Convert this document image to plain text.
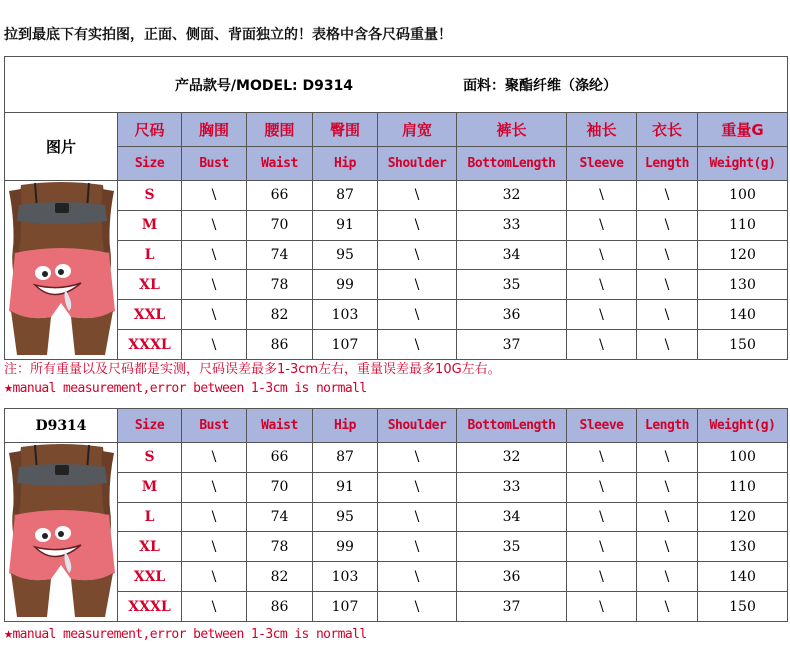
拉到最底下有实拍图，正面、侧面、背面独立的！表格中含各尺码重量！
产品款号/MODEL: D9314 面料：聚酯纤维（涤纶）									

图片	尺码	胸围	腰围	臀围	肩宽	裤长	袖长	衣长	重量G
	Size	Bust	Waist	Hip	Shoulder	BottomLength	Sleeve	Length	Weight(g)
	S	\	66	87	\	32	\	\	100
	M	\	70	91	\	33	\	\	110
	L	\	74	95	\	34	\	\	120
	XL	\	78	99	\	35	\	\	130
	XXL	\	82	103	\	36	\	\	140
	XXXL	\	86	107	\	37	\	\	150
注：所有重量以及尺码都是实测，尺码误差最多1-3cm左右，重量误差最多10G左右。
★manual measurement,error between 1-3cm is normall
D9314	Size	Bust	Waist	Hip	Shoulder	BottomLength	Sleeve	Length	Weight(g)
	S	\	66	87	\	32	\	\	100
	M	\	70	91	\	33	\	\	110
	L	\	74	95	\	34	\	\	120
	XL	\	78	99	\	35	\	\	130
	XXL	\	82	103	\	36	\	\	140
	XXXL	\	86	107	\	37	\	\	150
★manual measurement,error between 1-3cm is normall
